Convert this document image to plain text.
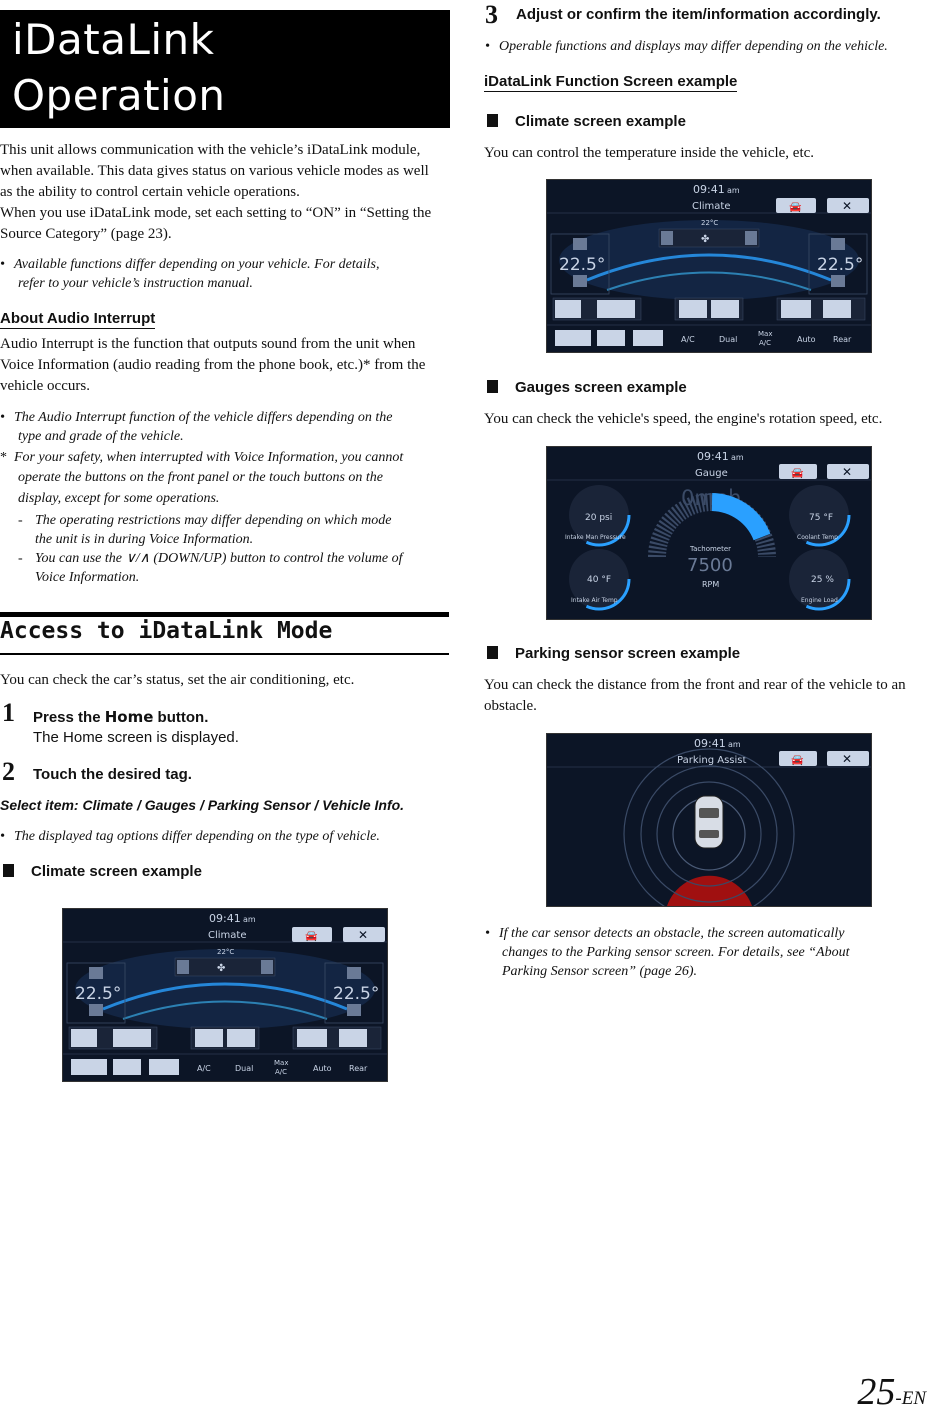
iDataLink
Operation
This unit allows communication with the vehicle’s iDataLink module,
when available. This data gives status on various vehicle modes as well
as the ability to control certain vehicle operations.
When you use iDataLink mode, set each setting to “ON” in “Setting the
Source Category” (page 23).
• Available functions differ depending on your vehicle. For details,
refer to your vehicle’s instruction manual.
About Audio Interrupt
Audio Interrupt is the function that outputs sound from the unit when
Voice Information (audio reading from the phone book, etc.)* from the
vehicle occurs.
• The Audio Interrupt function of the vehicle differs depending on the
type and grade of the vehicle.
* For your safety, when interrupted with Voice Information, you cannot
operate the buttons on the front panel or the touch buttons on the
display, except for some operations.
- The operating restrictions may differ depending on which mode
the unit is in during Voice Information.
- You can use the ∨/∧ (DOWN/UP) button to control the volume of
Voice Information.
Access to iDataLink Mode
You can check the car’s status, set the air conditioning, etc.
1 Press the Home button.
The Home screen is displayed.
2 Touch the desired tag.
Select item: Climate / Gauges / Parking Sensor / Vehicle Info.
• The displayed tag options differ depending on the type of vehicle.
Climate screen example
3 Adjust or confirm the item/information accordingly.
• Operable functions and displays may differ depending on the vehicle.
iDataLink Function Screen example
Climate screen example
You can control the temperature inside the vehicle, etc.
Gauges screen example
You can check the vehicle's speed, the engine's rotation speed, etc.
Parking sensor screen example
You can check the distance from the front and rear of the vehicle to an
obstacle.
• If the car sensor detects an obstacle, the screen automatically
changes to the Parking sensor screen. For details, see “About
Parking Sensor screen” (page 26).
25-EN
09:41 am
Climate	🚘	✕
22°C
✤
22.5°	22.5°
A/C	Dual
Max
A/C	Auto Rear
09:41 am
Climate	🚘	✕
22°C
✤
22.5°	22.5°
A/C	Dual
Max
A/C	Auto Rear
09:41 am
Gauge	🚘	✕
0mph
Tachometer
7500
RPM
20 psi
Intake Man Pressure
75 °F
Coolant Temp
40 °F
Intake Air Temp
25 %
Engine Load
09:41 am
Parking Assist	🚘	✕
